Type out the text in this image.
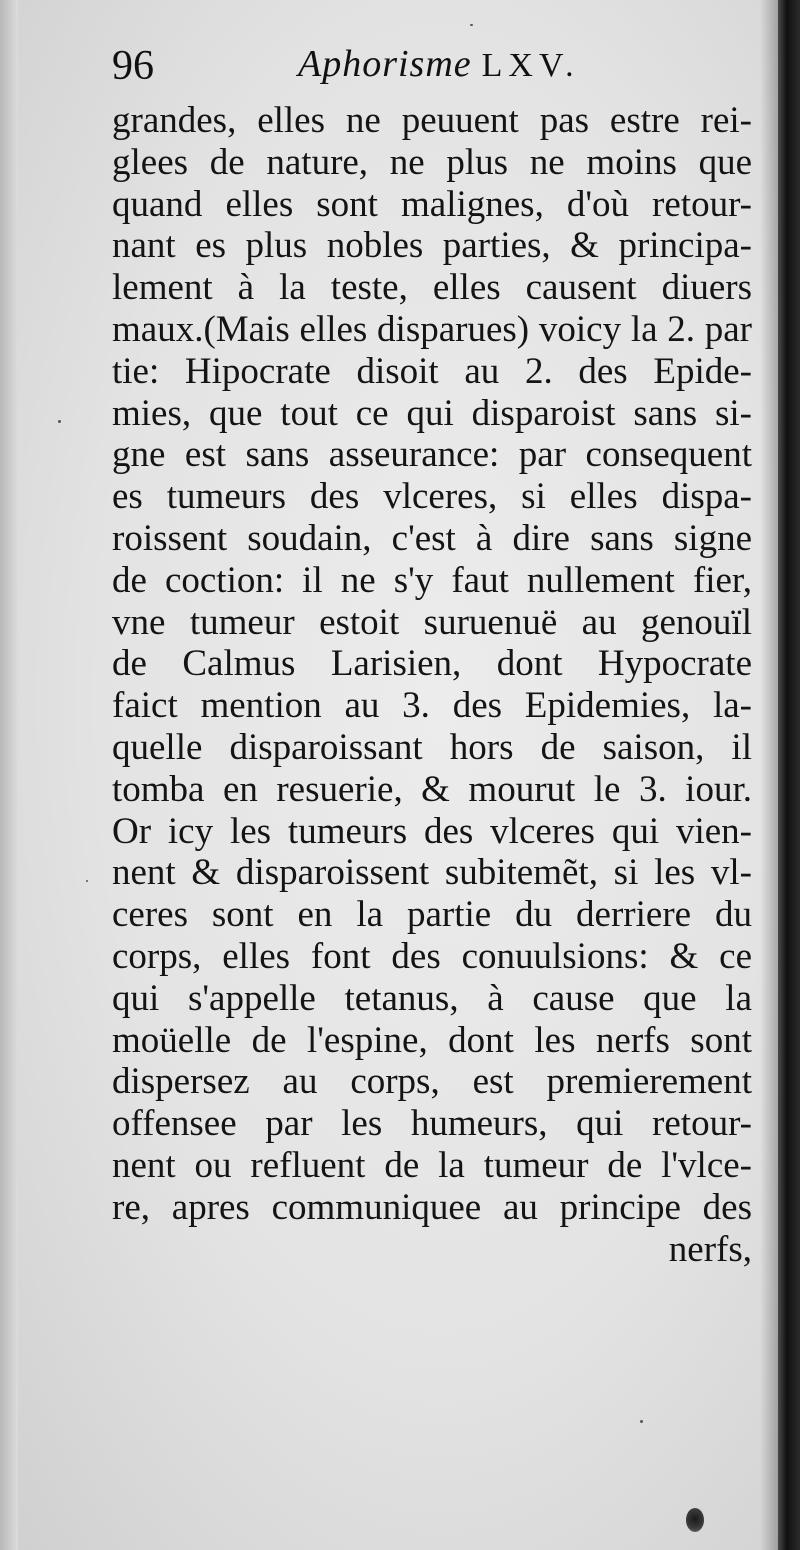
96	Aphorisme LXV.
grandes, elles ne peuuent pas estre rei-
glees de nature, ne plus ne moins que
quand elles sont malignes, d'où retour-
nant es plus nobles parties, & principa-
lement à la teste, elles causent diuers
maux.(Mais elles disparues) voicy la 2. par
tie: Hipocrate disoit au 2. des Epide-
mies, que tout ce qui disparoist sans si-
gne est sans asseurance: par consequent
es tumeurs des vlceres, si elles dispa-
roissent soudain, c'est à dire sans signe
de coction: il ne s'y faut nullement fier,
vne tumeur estoit suruenuë au genouïl
de Calmus Larisien, dont Hypocrate
faict mention au 3. des Epidemies, la-
quelle disparoissant hors de saison, il
tomba en resuerie, & mourut le 3. iour.
Or icy les tumeurs des vlceres qui vien-
nent & disparoissent subitemẽt, si les vl-
ceres sont en la partie du derriere du
corps, elles font des conuulsions: & ce
qui s'appelle tetanus, à cause que la
moüelle de l'espine, dont les nerfs sont
dispersez au corps, est premierement
offensee par les humeurs, qui retour-
nent ou refluent de la tumeur de l'vlce-
re, apres communiquee au principe des
nerfs,
